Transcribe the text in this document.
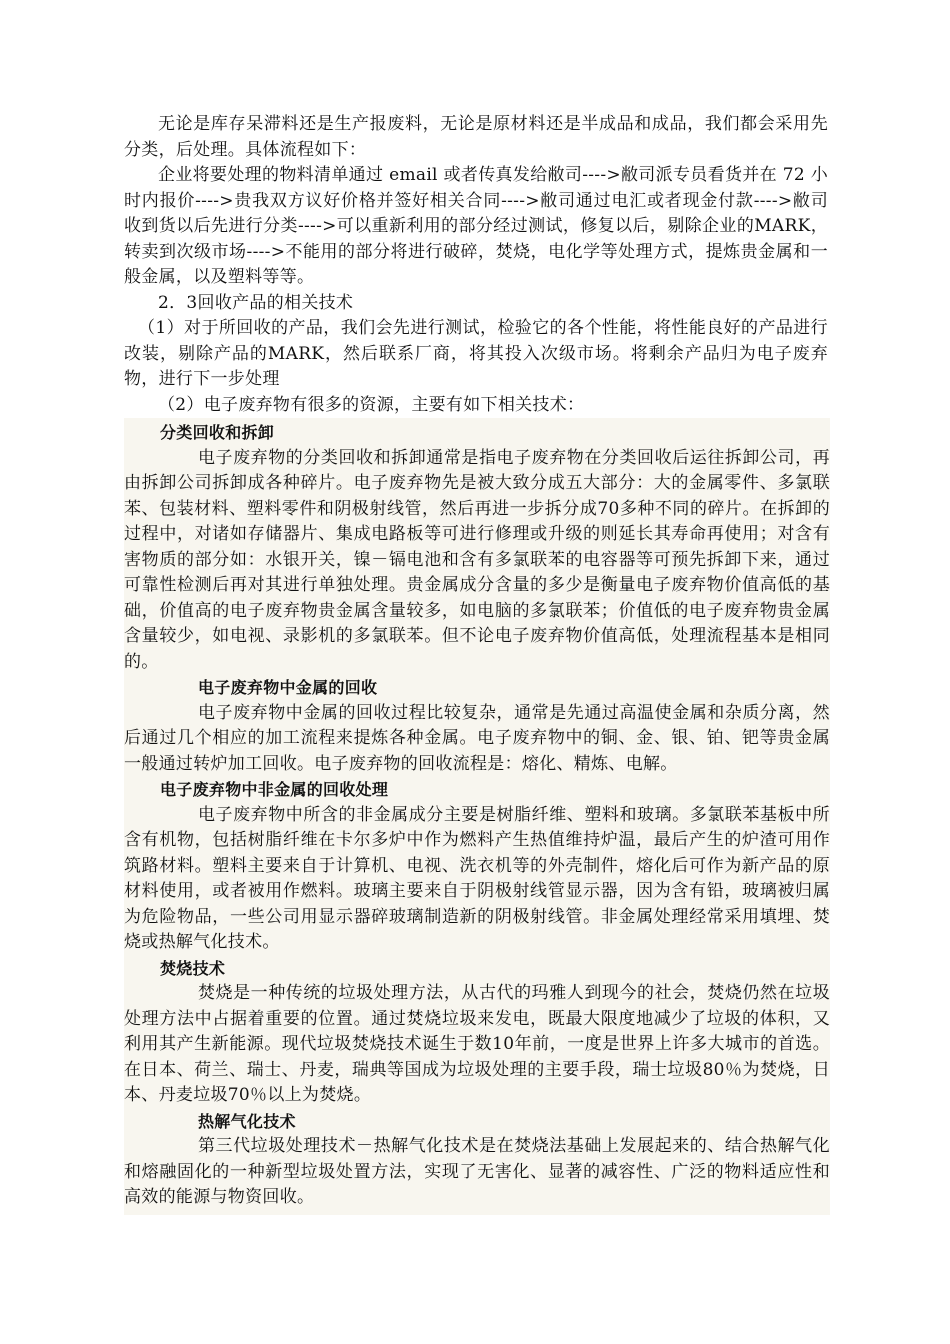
无论是库存呆滞料还是生产报废料，无论是原材料还是半成品和成品，我们都会采用先分类，后处理。具体流程如下：

企业将要处理的物料清单通过 email 或者传真发给敝司---->敝司派专员看货并在 72 小时内报价---->贵我双方议好价格并签好相关合同---->敝司通过电汇或者现金付款---->敝司收到货以后先进行分类---->可以重新利用的部分经过测试，修复以后，剔除企业的MARK，转卖到次级市场---->不能用的部分将进行破碎，焚烧，电化学等处理方式，提炼贵金属和一般金属，以及塑料等等。

2．3回收产品的相关技术

（1）对于所回收的产品，我们会先进行测试，检验它的各个性能，将性能良好的产品进行改装，剔除产品的MARK，然后联系厂商，将其投入次级市场。将剩余产品归为电子废弃物，进行下一步处理

（2）电子废弃物有很多的资源，主要有如下相关技术：

分类回收和拆卸

电子废弃物的分类回收和拆卸通常是指电子废弃物在分类回收后运往拆卸公司，再由拆卸公司拆卸成各种碎片。电子废弃物先是被大致分成五大部分：大的金属零件、多氯联苯、包装材料、塑料零件和阴极射线管，然后再进一步拆分成70多种不同的碎片。在拆卸的过程中，对诸如存储器片、集成电路板等可进行修理或升级的则延长其寿命再使用；对含有害物质的部分如：水银开关，镍－镉电池和含有多氯联苯的电容器等可预先拆卸下来，通过可靠性检测后再对其进行单独处理。贵金属成分含量的多少是衡量电子废弃物价值高低的基础，价值高的电子废弃物贵金属含量较多，如电脑的多氯联苯；价值低的电子废弃物贵金属含量较少，如电视、录影机的多氯联苯。但不论电子废弃物价值高低，处理流程基本是相同的。

电子废弃物中金属的回收

电子废弃物中金属的回收过程比较复杂，通常是先通过高温使金属和杂质分离，然后通过几个相应的加工流程来提炼各种金属。电子废弃物中的铜、金、银、铂、钯等贵金属一般通过转炉加工回收。电子废弃物的回收流程是：熔化、精炼、电解。

电子废弃物中非金属的回收处理

电子废弃物中所含的非金属成分主要是树脂纤维、塑料和玻璃。多氯联苯基板中所含有机物，包括树脂纤维在卡尔多炉中作为燃料产生热值维持炉温，最后产生的炉渣可用作筑路材料。塑料主要来自于计算机、电视、洗衣机等的外壳制件，熔化后可作为新产品的原材料使用，或者被用作燃料。玻璃主要来自于阴极射线管显示器，因为含有铅，玻璃被归属为危险物品，一些公司用显示器碎玻璃制造新的阴极射线管。非金属处理经常采用填埋、焚烧或热解气化技术。

焚烧技术

焚烧是一种传统的垃圾处理方法，从古代的玛雅人到现今的社会，焚烧仍然在垃圾处理方法中占据着重要的位置。通过焚烧垃圾来发电，既最大限度地减少了垃圾的体积，又利用其产生新能源。现代垃圾焚烧技术诞生于数10年前，一度是世界上许多大城市的首选。在日本、荷兰、瑞士、丹麦，瑞典等国成为垃圾处理的主要手段，瑞士垃圾80％为焚烧，日本、丹麦垃圾70％以上为焚烧。

热解气化技术

第三代垃圾处理技术－热解气化技术是在焚烧法基础上发展起来的、结合热解气化和熔融固化的一种新型垃圾处置方法，实现了无害化、显著的减容性、广泛的物料适应性和高效的能源与物资回收。
